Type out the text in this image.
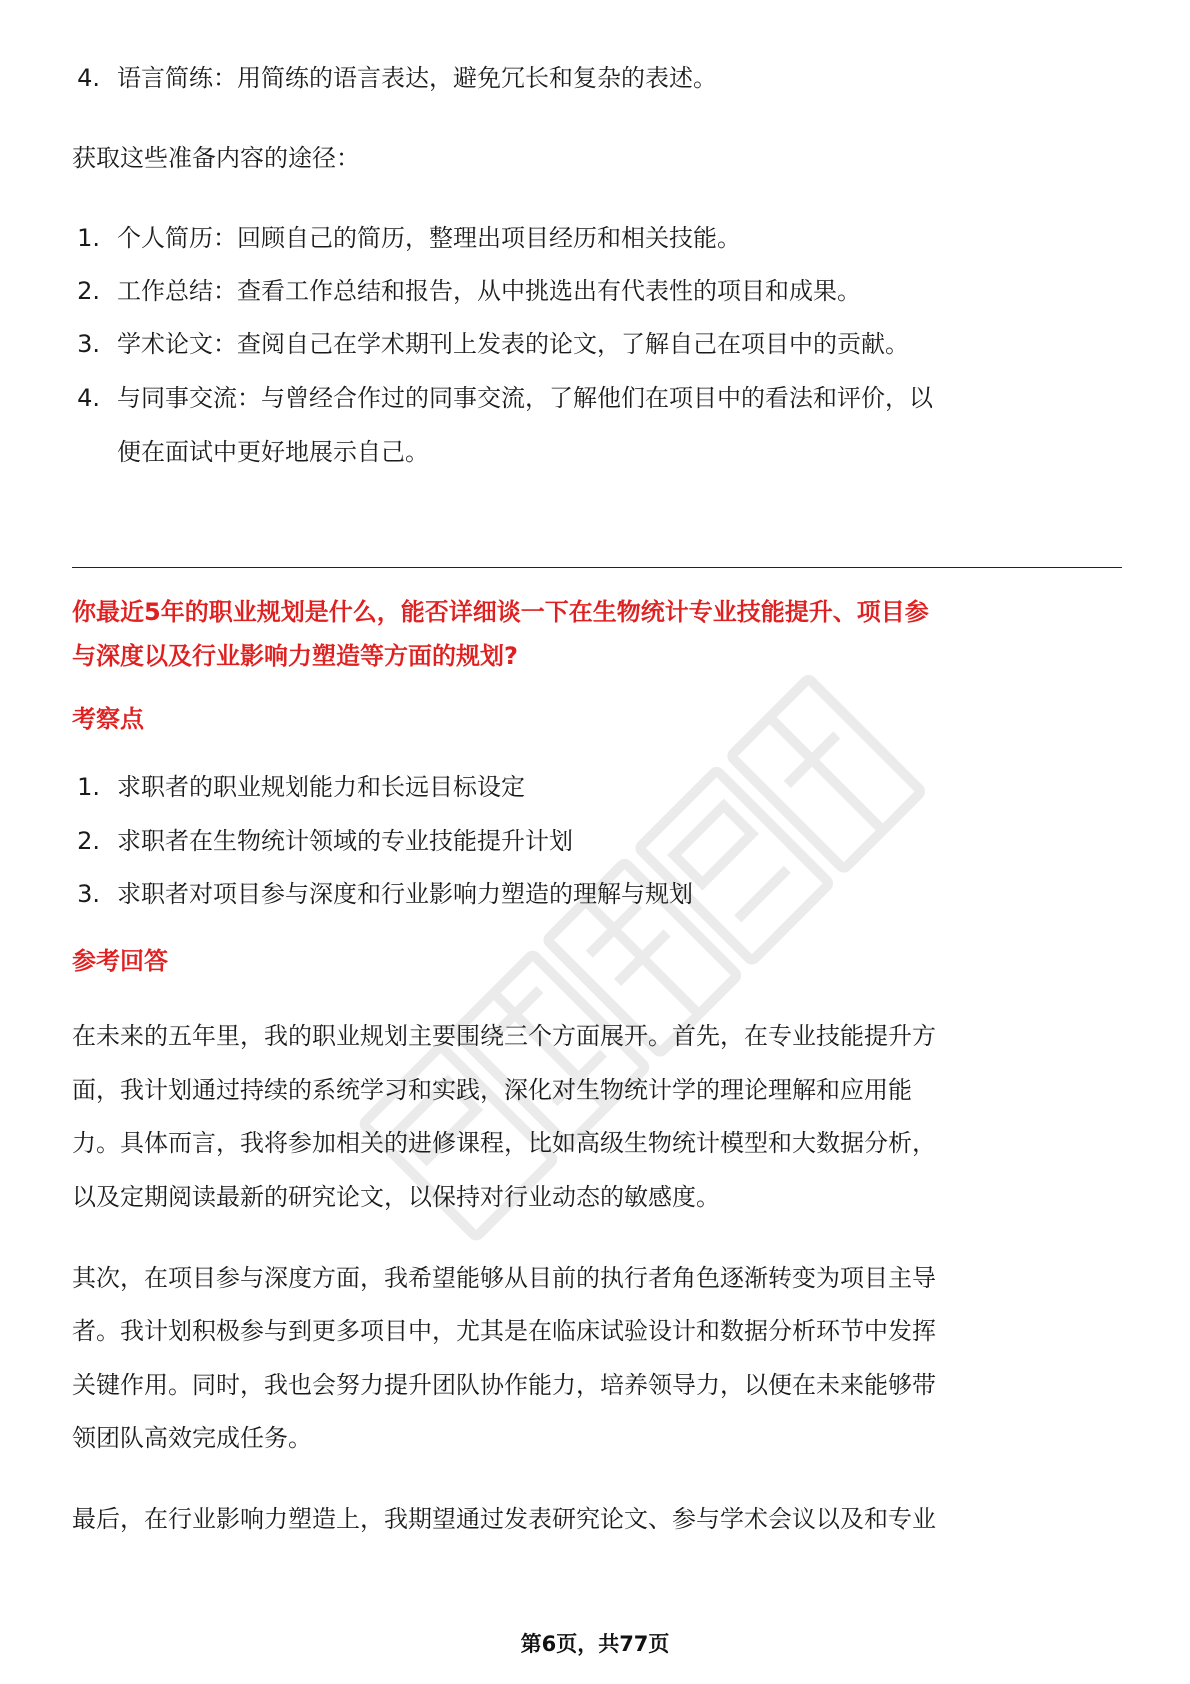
4. 语言简练：用简练的语言表达，避免冗长和复杂的表述。
获取这些准备内容的途径：
1. 个人简历：回顾自己的简历，整理出项目经历和相关技能。
2. 工作总结：查看工作总结和报告，从中挑选出有代表性的项目和成果。
3. 学术论文：查阅自己在学术期刊上发表的论文，了解自己在项目中的贡献。
4. 与同事交流：与曾经合作过的同事交流，了解他们在项目中的看法和评价，以
便在面试中更好地展示自己。
你最近5年的职业规划是什么，能否详细谈一下在生物统计专业技能提升、项目参
与深度以及行业影响力塑造等方面的规划?
考察点
1. 求职者的职业规划能力和长远目标设定
2. 求职者在生物统计领域的专业技能提升计划
3. 求职者对项目参与深度和行业影响力塑造的理解与规划
参考回答
在未来的五年里，我的职业规划主要围绕三个方面展开。首先，在专业技能提升方
面，我计划通过持续的系统学习和实践，深化对生物统计学的理论理解和应用能
力。具体而言，我将参加相关的进修课程，比如高级生物统计模型和大数据分析，
以及定期阅读最新的研究论文，以保持对行业动态的敏感度。
其次，在项目参与深度方面，我希望能够从目前的执行者角色逐渐转变为项目主导
者。我计划积极参与到更多项目中，尤其是在临床试验设计和数据分析环节中发挥
关键作用。同时，我也会努力提升团队协作能力，培养领导力，以便在未来能够带
领团队高效完成任务。
最后，在行业影响力塑造上，我期望通过发表研究论文、参与学术会议以及和专业
第6页，共77页
